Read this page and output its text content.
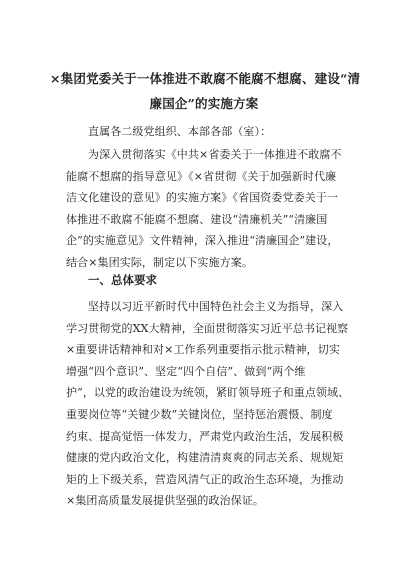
×集团党委关于一体推进不敢腐不能腐不想腐、建设“清
廉国企”的实施方案
直属各二级党组织、本部各部（室）：
为深入贯彻落实《中共×省委关于一体推进不敢腐不
能腐不想腐的指导意见》《×省贯彻《关于加强新时代廉
洁文化建设的意见》的实施方案》《省国资委党委关于一
体推进不敢腐不能腐不想腐、建设“清廉机关”“清廉国
企”的实施意见》文件精神，深入推进“清廉国企”建设，
结合×集团实际，制定以下实施方案。
一、总体要求
坚持以习近平新时代中国特色社会主义为指导，深入
学习贯彻党的XX大精神，全面贯彻落实习近平总书记视察
×重要讲话精神和对×工作系列重要指示批示精神，切实
增强“四个意识”、坚定“四个自信”、做到“两个维
护”，以党的政治建设为统领，紧盯领导班子和重点领域、
重要岗位等“关键少数”关键岗位，坚持惩治震慑、制度
约束、提高觉悟一体发力，严肃党内政治生活，发展积极
健康的党内政治文化，构建清清爽爽的同志关系、规规矩
矩的上下级关系，营造风清气正的政治生态环境，为推动
×集团高质量发展提供坚强的政治保证。
